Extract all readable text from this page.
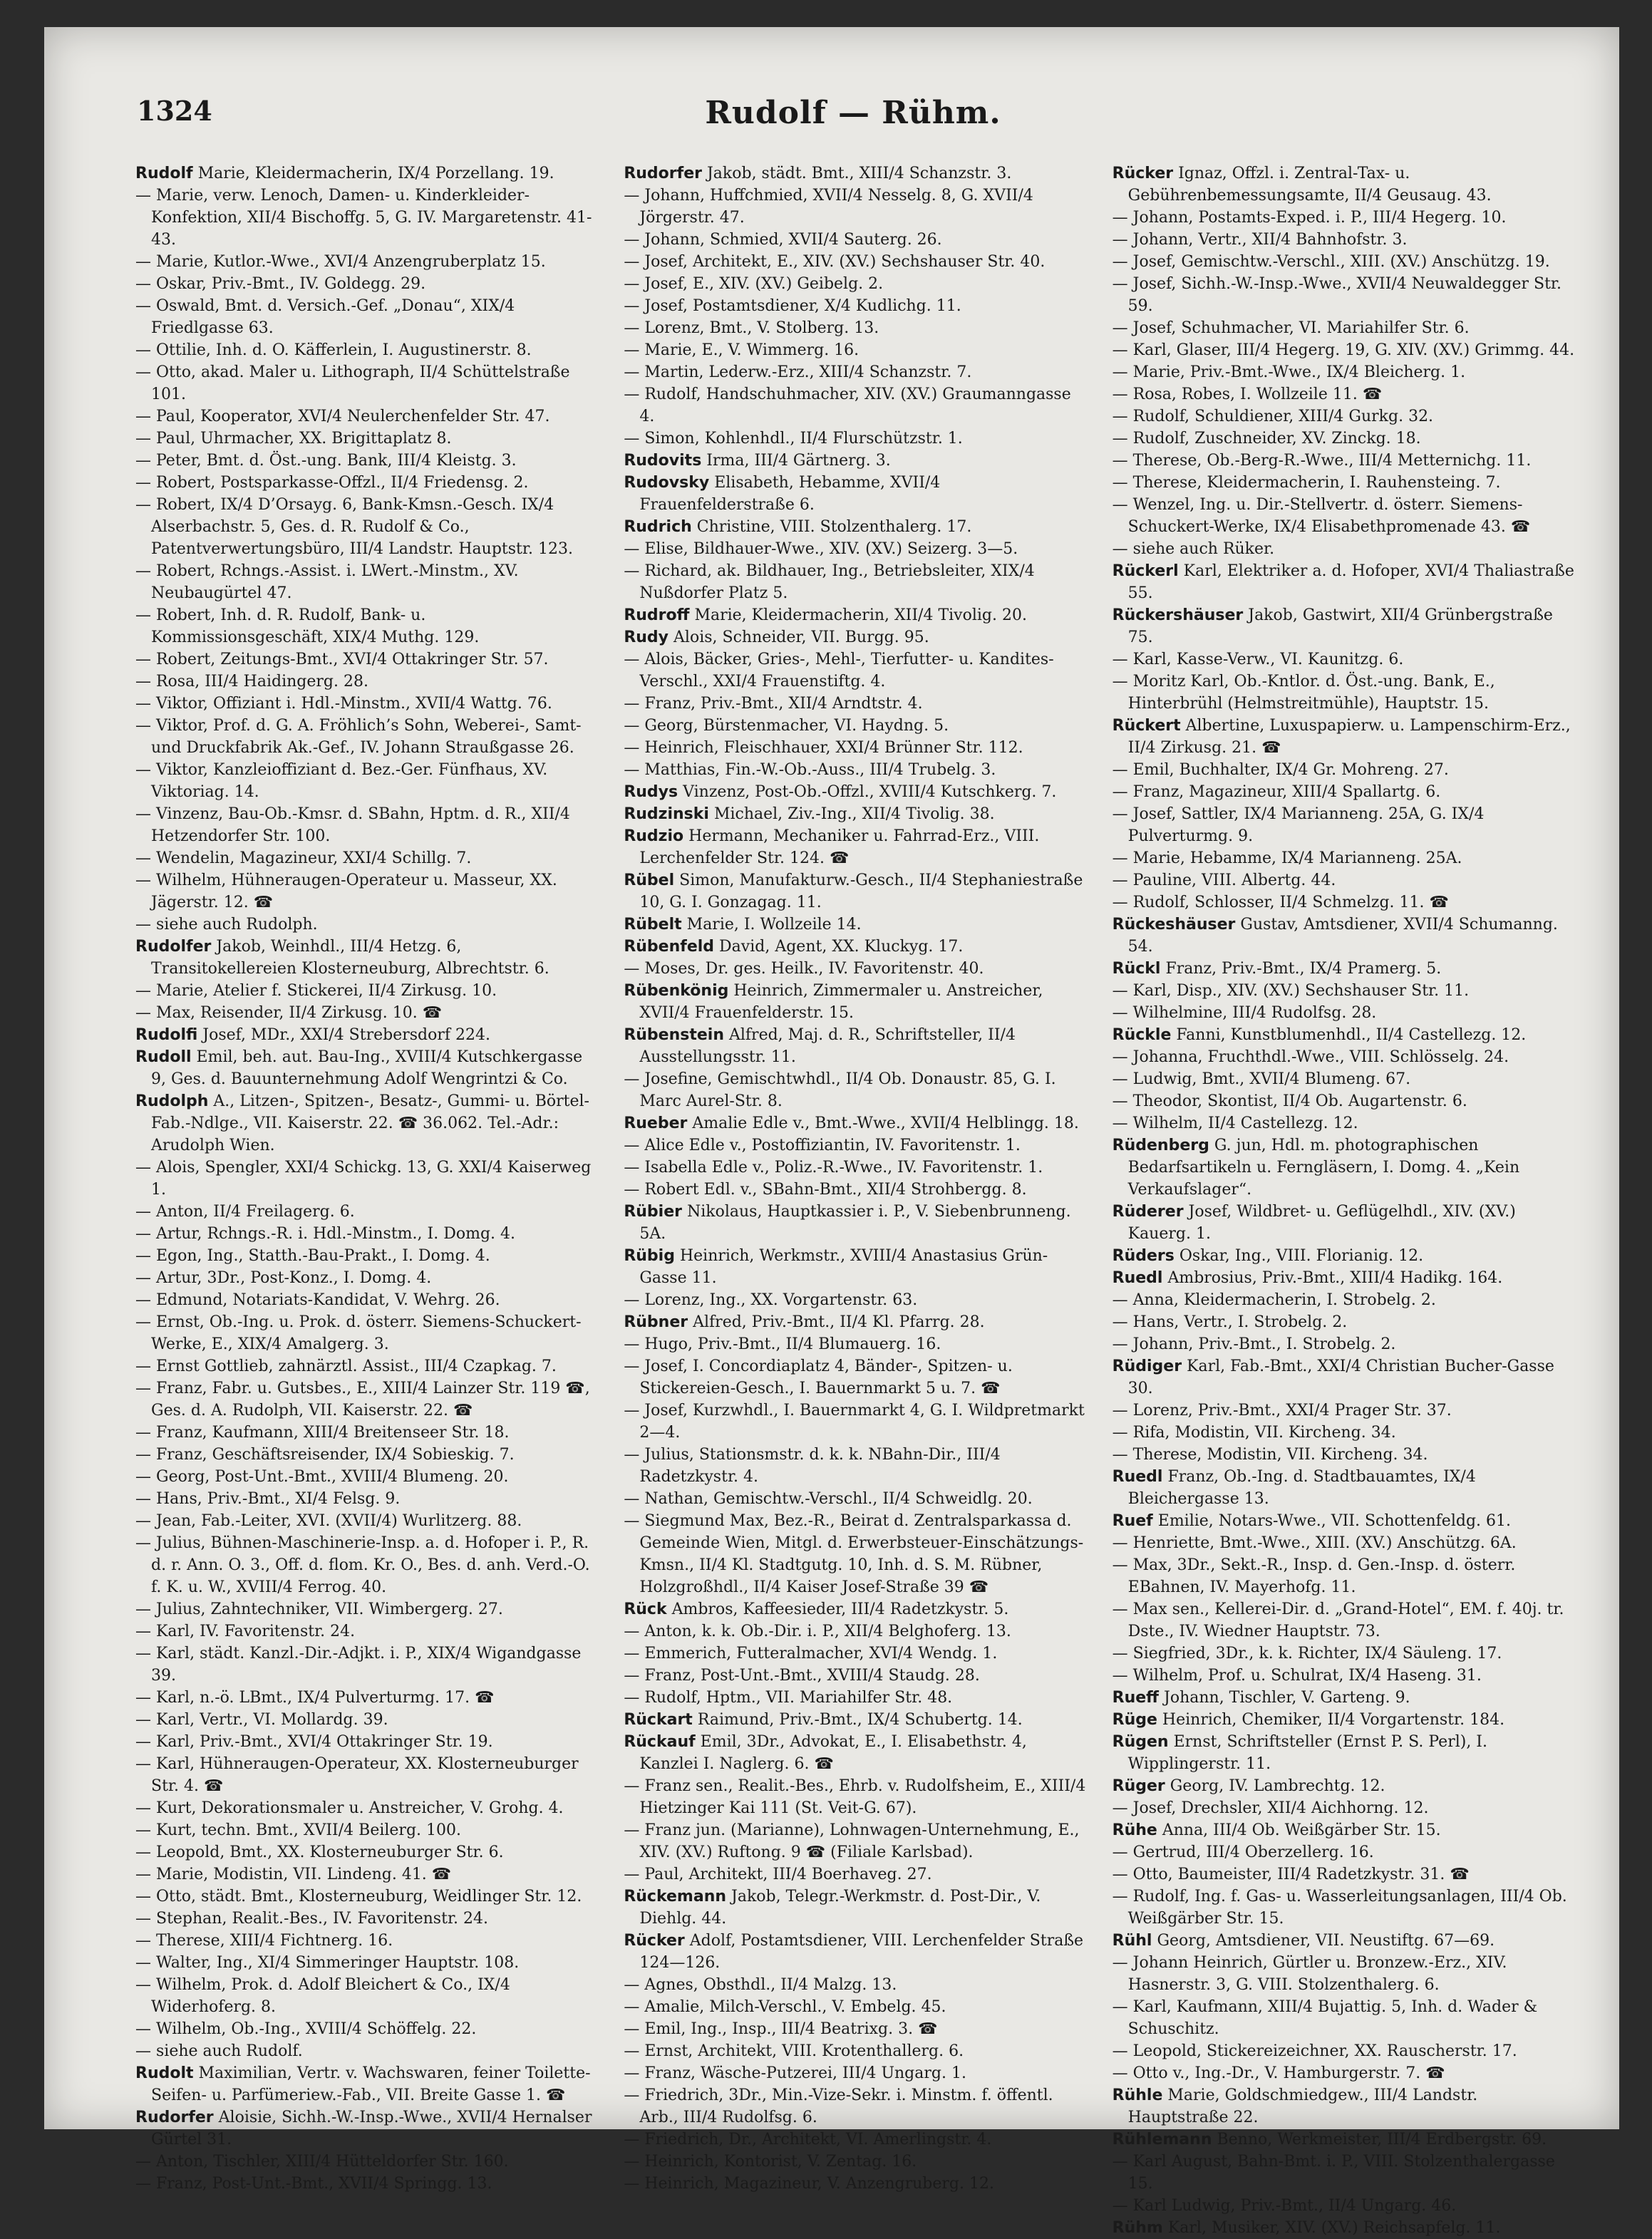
1324	Rudolf — Rühm.

Rudolf Marie, Kleidermacherin, IX/4 Porzellang. 19.

— Marie, verw. Lenoch, Damen- u. Kinderkleider-Konfektion, XII/4 Bischoffg. 5, G. IV. Margaretenstr. 41-43.

— Marie, Kutlor.-Wwe., XVI/4 Anzengruberplatz 15.

— Oskar, Priv.-Bmt., IV. Goldegg. 29.

— Oswald, Bmt. d. Versich.-Gef. „Donau“, XIX/4 Friedlgasse 63.

— Ottilie, Inh. d. O. Käfferlein, I. Augustinerstr. 8.

— Otto, akad. Maler u. Lithograph, II/4 Schüttelstraße 101.

— Paul, Kooperator, XVI/4 Neulerchenfelder Str. 47.

— Paul, Uhrmacher, XX. Brigittaplatz 8.

— Peter, Bmt. d. Öst.-ung. Bank, III/4 Kleistg. 3.

— Robert, Postsparkasse-Offzl., II/4 Friedensg. 2.

— Robert, IX/4 D’Orsayg. 6, Bank-Kmsn.-Gesch. IX/4 Alserbachstr. 5, Ges. d. R. Rudolf & Co., Patentverwertungsbüro, III/4 Landstr. Hauptstr. 123.

— Robert, Rchngs.-Assist. i. LWert.-Minstm., XV. Neubaugürtel 47.

— Robert, Inh. d. R. Rudolf, Bank- u. Kommissionsgeschäft, XIX/4 Muthg. 129.

— Robert, Zeitungs-Bmt., XVI/4 Ottakringer Str. 57.

— Rosa, III/4 Haidingerg. 28.

— Viktor, Offiziant i. Hdl.-Minstm., XVII/4 Wattg. 76.

— Viktor, Prof. d. G. A. Fröhlich’s Sohn, Weberei-, Samt- und Druckfabrik Ak.-Gef., IV. Johann Straußgasse 26.

— Viktor, Kanzleioffiziant d. Bez.-Ger. Fünfhaus, XV. Viktoriag. 14.

— Vinzenz, Bau-Ob.-Kmsr. d. SBahn, Hptm. d. R., XII/4 Hetzendorfer Str. 100.

— Wendelin, Magazineur, XXI/4 Schillg. 7.

— Wilhelm, Hühneraugen-Operateur u. Masseur, XX. Jägerstr. 12. ☎

— siehe auch Rudolph.

Rudolfer Jakob, Weinhdl., III/4 Hetzg. 6, Transitokellereien Klosterneuburg, Albrechtstr. 6.

— Marie, Atelier f. Stickerei, II/4 Zirkusg. 10.

— Max, Reisender, II/4 Zirkusg. 10. ☎

Rudolfi Josef, MDr., XXI/4 Strebersdorf 224.

Rudoll Emil, beh. aut. Bau-Ing., XVIII/4 Kutschkergasse 9, Ges. d. Bauunternehmung Adolf Wengrintzi & Co.

Rudolph A., Litzen-, Spitzen-, Besatz-, Gummi- u. Börtel-Fab.-Ndlge., VII. Kaiserstr. 22. ☎ 36.062. Tel.-Adr.: Arudolph Wien.

— Alois, Spengler, XXI/4 Schickg. 13, G. XXI/4 Kaiserweg 1.

— Anton, II/4 Freilagerg. 6.

— Artur, Rchngs.-R. i. Hdl.-Minstm., I. Domg. 4.

— Egon, Ing., Statth.-Bau-Prakt., I. Domg. 4.

— Artur, 3Dr., Post-Konz., I. Domg. 4.

— Edmund, Notariats-Kandidat, V. Wehrg. 26.

— Ernst, Ob.-Ing. u. Prok. d. österr. Siemens-Schuckert-Werke, E., XIX/4 Amalgerg. 3.

— Ernst Gottlieb, zahnärztl. Assist., III/4 Czapkag. 7.

— Franz, Fabr. u. Gutsbes., E., XIII/4 Lainzer Str. 119 ☎, Ges. d. A. Rudolph, VII. Kaiserstr. 22. ☎

— Franz, Kaufmann, XIII/4 Breitenseer Str. 18.

— Franz, Geschäftsreisender, IX/4 Sobieskig. 7.

— Georg, Post-Unt.-Bmt., XVIII/4 Blumeng. 20.

— Hans, Priv.-Bmt., XI/4 Felsg. 9.

— Jean, Fab.-Leiter, XVI. (XVII/4) Wurlitzerg. 88.

— Julius, Bühnen-Maschinerie-Insp. a. d. Hofoper i. P., R. d. r. Ann. O. 3., Off. d. flom. Kr. O., Bes. d. anh. Verd.-O. f. K. u. W., XVIII/4 Ferrog. 40.

— Julius, Zahntechniker, VII. Wimbergerg. 27.

— Karl, IV. Favoritenstr. 24.

— Karl, städt. Kanzl.-Dir.-Adjkt. i. P., XIX/4 Wigandgasse 39.

— Karl, n.-ö. LBmt., IX/4 Pulverturmg. 17. ☎

— Karl, Vertr., VI. Mollardg. 39.

— Karl, Priv.-Bmt., XVI/4 Ottakringer Str. 19.

— Karl, Hühneraugen-Operateur, XX. Klosterneuburger Str. 4. ☎

— Kurt, Dekorationsmaler u. Anstreicher, V. Grohg. 4.

— Kurt, techn. Bmt., XVII/4 Beilerg. 100.

— Leopold, Bmt., XX. Klosterneuburger Str. 6.

— Marie, Modistin, VII. Lindeng. 41. ☎

— Otto, städt. Bmt., Klosterneuburg, Weidlinger Str. 12.

— Stephan, Realit.-Bes., IV. Favoritenstr. 24.

— Therese, XIII/4 Fichtnerg. 16.

— Walter, Ing., XI/4 Simmeringer Hauptstr. 108.

— Wilhelm, Prok. d. Adolf Bleichert & Co., IX/4 Widerhoferg. 8.

— Wilhelm, Ob.-Ing., XVIII/4 Schöffelg. 22.

— siehe auch Rudolf.

Rudolt Maximilian, Vertr. v. Wachswaren, feiner Toilette-Seifen- u. Parfümeriew.-Fab., VII. Breite Gasse 1. ☎

Rudorfer Aloisie, Sichh.-W.-Insp.-Wwe., XVII/4 Hernalser Gürtel 31.

— Anton, Tischler, XIII/4 Hütteldorfer Str. 160.

— Franz, Post-Unt.-Bmt., XVII/4 Springg. 13.

Rudorfer Jakob, städt. Bmt., XIII/4 Schanzstr. 3.

— Johann, Huffchmied, XVII/4 Nesselg. 8, G. XVII/4 Jörgerstr. 47.

— Johann, Schmied, XVII/4 Sauterg. 26.

— Josef, Architekt, E., XIV. (XV.) Sechshauser Str. 40.

— Josef, E., XIV. (XV.) Geibelg. 2.

— Josef, Postamtsdiener, X/4 Kudlichg. 11.

— Lorenz, Bmt., V. Stolberg. 13.

— Marie, E., V. Wimmerg. 16.

— Martin, Lederw.-Erz., XIII/4 Schanzstr. 7.

— Rudolf, Handschuhmacher, XIV. (XV.) Graumanngasse 4.

— Simon, Kohlenhdl., II/4 Flurschützstr. 1.

Rudovits Irma, III/4 Gärtnerg. 3.

Rudovsky Elisabeth, Hebamme, XVII/4 Frauenfelderstraße 6.

Rudrich Christine, VIII. Stolzenthalerg. 17.

— Elise, Bildhauer-Wwe., XIV. (XV.) Seizerg. 3—5.

— Richard, ak. Bildhauer, Ing., Betriebsleiter, XIX/4 Nußdorfer Platz 5.

Rudroff Marie, Kleidermacherin, XII/4 Tivolig. 20.

Rudy Alois, Schneider, VII. Burgg. 95.

— Alois, Bäcker, Gries-, Mehl-, Tierfutter- u. Kandites-Verschl., XXI/4 Frauenstiftg. 4.

— Franz, Priv.-Bmt., XII/4 Arndtstr. 4.

— Georg, Bürstenmacher, VI. Haydng. 5.

— Heinrich, Fleischhauer, XXI/4 Brünner Str. 112.

— Matthias, Fin.-W.-Ob.-Auss., III/4 Trubelg. 3.

Rudys Vinzenz, Post-Ob.-Offzl., XVIII/4 Kutschkerg. 7.

Rudzinski Michael, Ziv.-Ing., XII/4 Tivolig. 38.

Rudzio Hermann, Mechaniker u. Fahrrad-Erz., VIII. Lerchenfelder Str. 124. ☎

Rübel Simon, Manufakturw.-Gesch., II/4 Stephaniestraße 10, G. I. Gonzagag. 11.

Rübelt Marie, I. Wollzeile 14.

Rübenfeld David, Agent, XX. Kluckyg. 17.

— Moses, Dr. ges. Heilk., IV. Favoritenstr. 40.

Rübenkönig Heinrich, Zimmermaler u. Anstreicher, XVII/4 Frauenfelderstr. 15.

Rübenstein Alfred, Maj. d. R., Schriftsteller, II/4 Ausstellungsstr. 11.

— Josefine, Gemischtwhdl., II/4 Ob. Donaustr. 85, G. I. Marc Aurel-Str. 8.

Rueber Amalie Edle v., Bmt.-Wwe., XVII/4 Helblingg. 18.

— Alice Edle v., Postoffiziantin, IV. Favoritenstr. 1.

— Isabella Edle v., Poliz.-R.-Wwe., IV. Favoritenstr. 1.

— Robert Edl. v., SBahn-Bmt., XII/4 Strohbergg. 8.

Rübier Nikolaus, Hauptkassier i. P., V. Siebenbrunneng. 5A.

Rübig Heinrich, Werkmstr., XVIII/4 Anastasius Grün-Gasse 11.

— Lorenz, Ing., XX. Vorgartenstr. 63.

Rübner Alfred, Priv.-Bmt., II/4 Kl. Pfarrg. 28.

— Hugo, Priv.-Bmt., II/4 Blumauerg. 16.

— Josef, I. Concordiaplatz 4, Bänder-, Spitzen- u. Stickereien-Gesch., I. Bauernmarkt 5 u. 7. ☎

— Josef, Kurzwhdl., I. Bauernmarkt 4, G. I. Wildpretmarkt 2—4.

— Julius, Stationsmstr. d. k. k. NBahn-Dir., III/4 Radetzkystr. 4.

— Nathan, Gemischtw.-Verschl., II/4 Schweidlg. 20.

— Siegmund Max, Bez.-R., Beirat d. Zentralsparkassa d. Gemeinde Wien, Mitgl. d. Erwerbsteuer-Einschätzungs-Kmsn., II/4 Kl. Stadtgutg. 10, Inh. d. S. M. Rübner, Holzgroßhdl., II/4 Kaiser Josef-Straße 39 ☎

Rück Ambros, Kaffeesieder, III/4 Radetzkystr. 5.

— Anton, k. k. Ob.-Dir. i. P., XII/4 Belghoferg. 13.

— Emmerich, Futteralmacher, XVI/4 Wendg. 1.

— Franz, Post-Unt.-Bmt., XVIII/4 Staudg. 28.

— Rudolf, Hptm., VII. Mariahilfer Str. 48.

Rückart Raimund, Priv.-Bmt., IX/4 Schubertg. 14.

Rückauf Emil, 3Dr., Advokat, E., I. Elisabethstr. 4, Kanzlei I. Naglerg. 6. ☎

— Franz sen., Realit.-Bes., Ehrb. v. Rudolfsheim, E., XIII/4 Hietzinger Kai 111 (St. Veit-G. 67).

— Franz jun. (Marianne), Lohnwagen-Unternehmung, E., XIV. (XV.) Ruftong. 9 ☎ (Filiale Karlsbad).

— Paul, Architekt, III/4 Boerhaveg. 27.

Rückemann Jakob, Telegr.-Werkmstr. d. Post-Dir., V. Diehlg. 44.

Rücker Adolf, Postamtsdiener, VIII. Lerchenfelder Straße 124—126.

— Agnes, Obsthdl., II/4 Malzg. 13.

— Amalie, Milch-Verschl., V. Embelg. 45.

— Emil, Ing., Insp., III/4 Beatrixg. 3. ☎

— Ernst, Architekt, VIII. Krotenthallerg. 6.

— Franz, Wäsche-Putzerei, III/4 Ungarg. 1.

— Friedrich, 3Dr., Min.-Vize-Sekr. i. Minstm. f. öffentl. Arb., III/4 Rudolfsg. 6.

— Friedrich, Dr., Architekt, VI. Amerlingstr. 4.

— Heinrich, Kontorist, V. Zentag. 16.

— Heinrich, Magazineur, V. Anzengruberg. 12.

Rücker Ignaz, Offzl. i. Zentral-Tax- u. Gebührenbemessungsamte, II/4 Geusaug. 43.

— Johann, Postamts-Exped. i. P., III/4 Hegerg. 10.

— Johann, Vertr., XII/4 Bahnhofstr. 3.

— Josef, Gemischtw.-Verschl., XIII. (XV.) Anschützg. 19.

— Josef, Sichh.-W.-Insp.-Wwe., XVII/4 Neuwaldegger Str. 59.

— Josef, Schuhmacher, VI. Mariahilfer Str. 6.

— Karl, Glaser, III/4 Hegerg. 19, G. XIV. (XV.) Grimmg. 44.

— Marie, Priv.-Bmt.-Wwe., IX/4 Bleicherg. 1.

— Rosa, Robes, I. Wollzeile 11. ☎

— Rudolf, Schuldiener, XIII/4 Gurkg. 32.

— Rudolf, Zuschneider, XV. Zinckg. 18.

— Therese, Ob.-Berg-R.-Wwe., III/4 Metternichg. 11.

— Therese, Kleidermacherin, I. Rauhensteing. 7.

— Wenzel, Ing. u. Dir.-Stellvertr. d. österr. Siemens-Schuckert-Werke, IX/4 Elisabethpromenade 43. ☎

— siehe auch Rüker.

Rückerl Karl, Elektriker a. d. Hofoper, XVI/4 Thaliastraße 55.

Rückershäuser Jakob, Gastwirt, XII/4 Grünbergstraße 75.

— Karl, Kasse-Verw., VI. Kaunitzg. 6.

— Moritz Karl, Ob.-Kntlor. d. Öst.-ung. Bank, E., Hinterbrühl (Helmstreitmühle), Hauptstr. 15.

Rückert Albertine, Luxuspapierw. u. Lampenschirm-Erz., II/4 Zirkusg. 21. ☎

— Emil, Buchhalter, IX/4 Gr. Mohreng. 27.

— Franz, Magazineur, XIII/4 Spallartg. 6.

— Josef, Sattler, IX/4 Marianneng. 25A, G. IX/4 Pulverturmg. 9.

— Marie, Hebamme, IX/4 Marianneng. 25A.

— Pauline, VIII. Albertg. 44.

— Rudolf, Schlosser, II/4 Schmelzg. 11. ☎

Rückeshäuser Gustav, Amtsdiener, XVII/4 Schumanng. 54.

Rückl Franz, Priv.-Bmt., IX/4 Pramerg. 5.

— Karl, Disp., XIV. (XV.) Sechshauser Str. 11.

— Wilhelmine, III/4 Rudolfsg. 28.

Rückle Fanni, Kunstblumenhdl., II/4 Castellezg. 12.

— Johanna, Fruchthdl.-Wwe., VIII. Schlösselg. 24.

— Ludwig, Bmt., XVII/4 Blumeng. 67.

— Theodor, Skontist, II/4 Ob. Augartenstr. 6.

— Wilhelm, II/4 Castellezg. 12.

Rüdenberg G. jun, Hdl. m. photographischen Bedarfsartikeln u. Ferngläsern, I. Domg. 4. „Kein Verkaufslager“.

Rüderer Josef, Wildbret- u. Geflügelhdl., XIV. (XV.) Kauerg. 1.

Rüders Oskar, Ing., VIII. Florianig. 12.

Ruedl Ambrosius, Priv.-Bmt., XIII/4 Hadikg. 164.

— Anna, Kleidermacherin, I. Strobelg. 2.

— Hans, Vertr., I. Strobelg. 2.

— Johann, Priv.-Bmt., I. Strobelg. 2.

Rüdiger Karl, Fab.-Bmt., XXI/4 Christian Bucher-Gasse 30.

— Lorenz, Priv.-Bmt., XXI/4 Prager Str. 37.

— Rifa, Modistin, VII. Kircheng. 34.

— Therese, Modistin, VII. Kircheng. 34.

Ruedl Franz, Ob.-Ing. d. Stadtbauamtes, IX/4 Bleichergasse 13.

Ruef Emilie, Notars-Wwe., VII. Schottenfeldg. 61.

— Henriette, Bmt.-Wwe., XIII. (XV.) Anschützg. 6A.

— Max, 3Dr., Sekt.-R., Insp. d. Gen.-Insp. d. österr. EBahnen, IV. Mayerhofg. 11.

— Max sen., Kellerei-Dir. d. „Grand-Hotel“, EM. f. 40j. tr. Dste., IV. Wiedner Hauptstr. 73.

— Siegfried, 3Dr., k. k. Richter, IX/4 Säuleng. 17.

— Wilhelm, Prof. u. Schulrat, IX/4 Haseng. 31.

Rueff Johann, Tischler, V. Garteng. 9.

Rüge Heinrich, Chemiker, II/4 Vorgartenstr. 184.

Rügen Ernst, Schriftsteller (Ernst P. S. Perl), I. Wipplingerstr. 11.

Rüger Georg, IV. Lambrechtg. 12.

— Josef, Drechsler, XII/4 Aichhorng. 12.

Rühe Anna, III/4 Ob. Weißgärber Str. 15.

— Gertrud, III/4 Oberzellerg. 16.

— Otto, Baumeister, III/4 Radetzkystr. 31. ☎

— Rudolf, Ing. f. Gas- u. Wasserleitungsanlagen, III/4 Ob. Weißgärber Str. 15.

Rühl Georg, Amtsdiener, VII. Neustiftg. 67—69.

— Johann Heinrich, Gürtler u. Bronzew.-Erz., XIV. Hasnerstr. 3, G. VIII. Stolzenthalerg. 6.

— Karl, Kaufmann, XIII/4 Bujattig. 5, Inh. d. Wader & Schuschitz.

— Leopold, Stickereizeichner, XX. Rauscherstr. 17.

— Otto v., Ing.-Dr., V. Hamburgerstr. 7. ☎

Rühle Marie, Goldschmiedgew., III/4 Landstr. Hauptstraße 22.

Rühlemann Benno, Werkmeister, III/4 Erdbergstr. 69.

— Karl August, Bahn-Bmt. i. P., VIII. Stolzenthalergasse 15.

— Karl Ludwig, Priv.-Bmt., II/4 Ungarg. 46.

Rühm Karl, Musiker, XIV. (XV.) Reichsapfelg. 11.
